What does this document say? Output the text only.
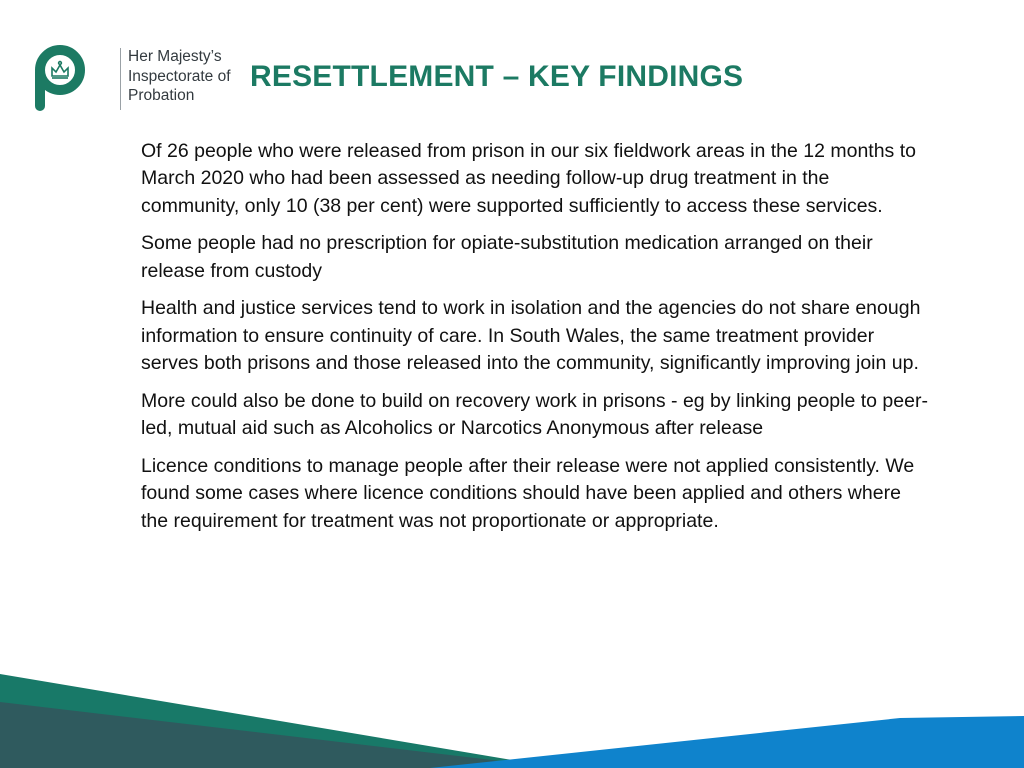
Her Majesty’s
Inspectorate of
Probation
RESETTLEMENT – KEY FINDINGS

Of 26 people who were released from prison in our six fieldwork areas in the 12 months to March 2020 who had been assessed as needing follow-up drug treatment in the community, only 10 (38 per cent) were supported sufficiently to access these services.

Some people had no prescription for opiate-substitution medication arranged on their release from custody

Health and justice services tend to work in isolation and the agencies do not share enough information to ensure continuity of care. In South Wales, the same treatment provider serves both prisons and those released into the community, significantly improving join up.

More could also be done to build on recovery work in prisons - eg by linking people to peer-led, mutual aid such as Alcoholics or Narcotics Anonymous after release

Licence conditions to manage people after their release were not applied consistently. We found some cases where licence conditions should have been applied and others where the requirement for treatment was not proportionate or appropriate.
